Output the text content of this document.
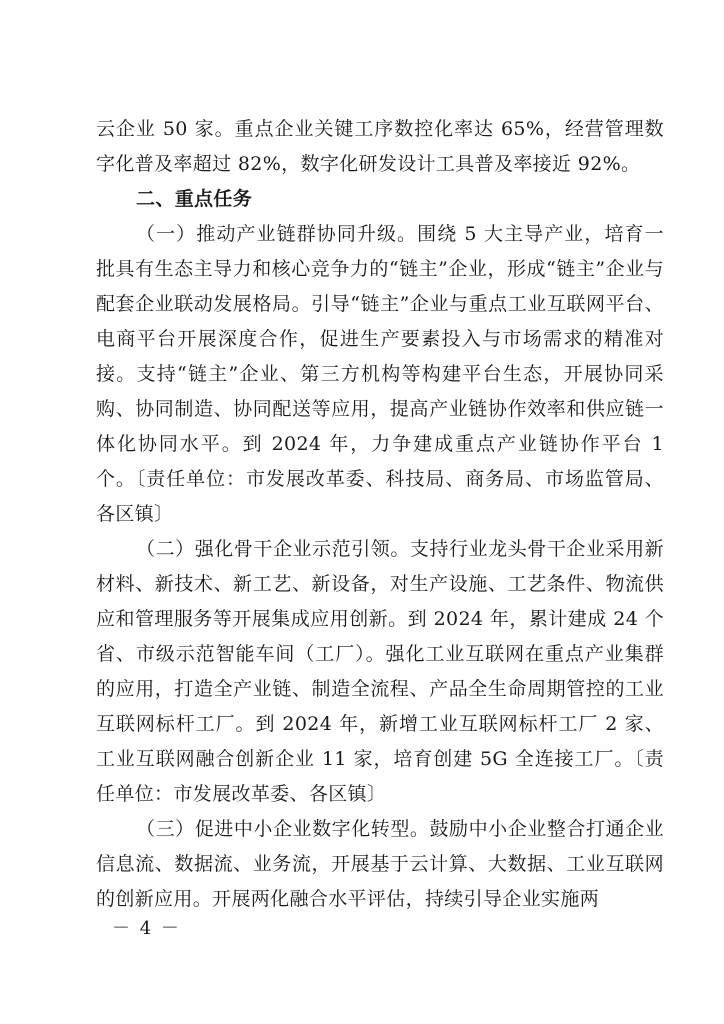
云企业 50 家。重点企业关键工序数控化率达 65%，经营管理数字化普及率超过 82%，数字化研发设计工具普及率接近 92%。

二、重点任务

（一）推动产业链群协同升级。围绕 5 大主导产业，培育一批具有生态主导力和核心竞争力的“链主”企业，形成“链主”企业与配套企业联动发展格局。引导“链主”企业与重点工业互联网平台、电商平台开展深度合作，促进生产要素投入与市场需求的精准对接。支持“链主”企业、第三方机构等构建平台生态，开展协同采购、协同制造、协同配送等应用，提高产业链协作效率和供应链一体化协同水平。到 2024 年，力争建成重点产业链协作平台 1 个。〔责任单位：市发展改革委、科技局、商务局、市场监管局、各区镇〕

（二）强化骨干企业示范引领。支持行业龙头骨干企业采用新材料、新技术、新工艺、新设备，对生产设施、工艺条件、物流供应和管理服务等开展集成应用创新。到 2024 年，累计建成 24 个省、市级示范智能车间（工厂）。强化工业互联网在重点产业集群的应用，打造全产业链、制造全流程、产品全生命周期管控的工业互联网标杆工厂。到 2024 年，新增工业互联网标杆工厂 2 家、工业互联网融合创新企业 11 家，培育创建 5G 全连接工厂。〔责任单位：市发展改革委、各区镇〕

（三）促进中小企业数字化转型。鼓励中小企业整合打通企业信息流、数据流、业务流，开展基于云计算、大数据、工业互联网的创新应用。开展两化融合水平评估，持续引导企业实施两

－ 4 －
